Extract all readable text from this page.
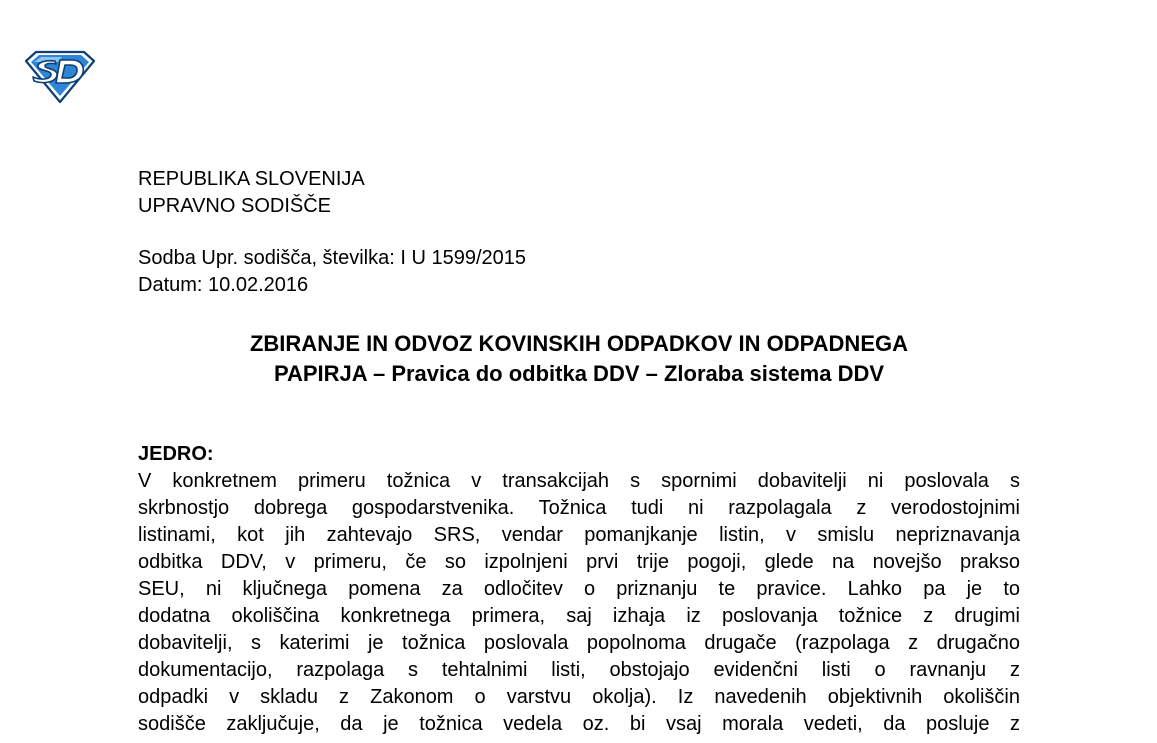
REPUBLIKA SLOVENIJA
UPRAVNO SODIŠČE
Sodba Upr. sodišča, številka: I U 1599/2015
Datum: 10.02.2016
ZBIRANJE IN ODVOZ KOVINSKIH ODPADKOV IN ODPADNEGA
PAPIRJA – Pravica do odbitka DDV – Zloraba sistema DDV
JEDRO:
V konkretnem primeru tožnica v transakcijah s spornimi dobavitelji ni poslovala s
skrbnostjo dobrega gospodarstvenika. Tožnica tudi ni razpolagala z verodostojnimi
listinami, kot jih zahtevajo SRS, vendar pomanjkanje listin, v smislu nepriznavanja
odbitka DDV, v primeru, če so izpolnjeni prvi trije pogoji, glede na novejšo prakso
SEU, ni ključnega pomena za odločitev o priznanju te pravice. Lahko pa je to
dodatna okoliščina konkretnega primera, saj izhaja iz poslovanja tožnice z drugimi
dobavitelji, s katerimi je tožnica poslovala popolnoma drugače (razpolaga z drugačno
dokumentacijo, razpolaga s tehtalnimi listi, obstojajo evidenčni listi o ravnanju z
odpadki v skladu z Zakonom o varstvu okolja). Iz navedenih objektivnih okoliščin
sodišče zaključuje, da je tožnica vedela oz. bi vsaj morala vedeti, da posluje z
